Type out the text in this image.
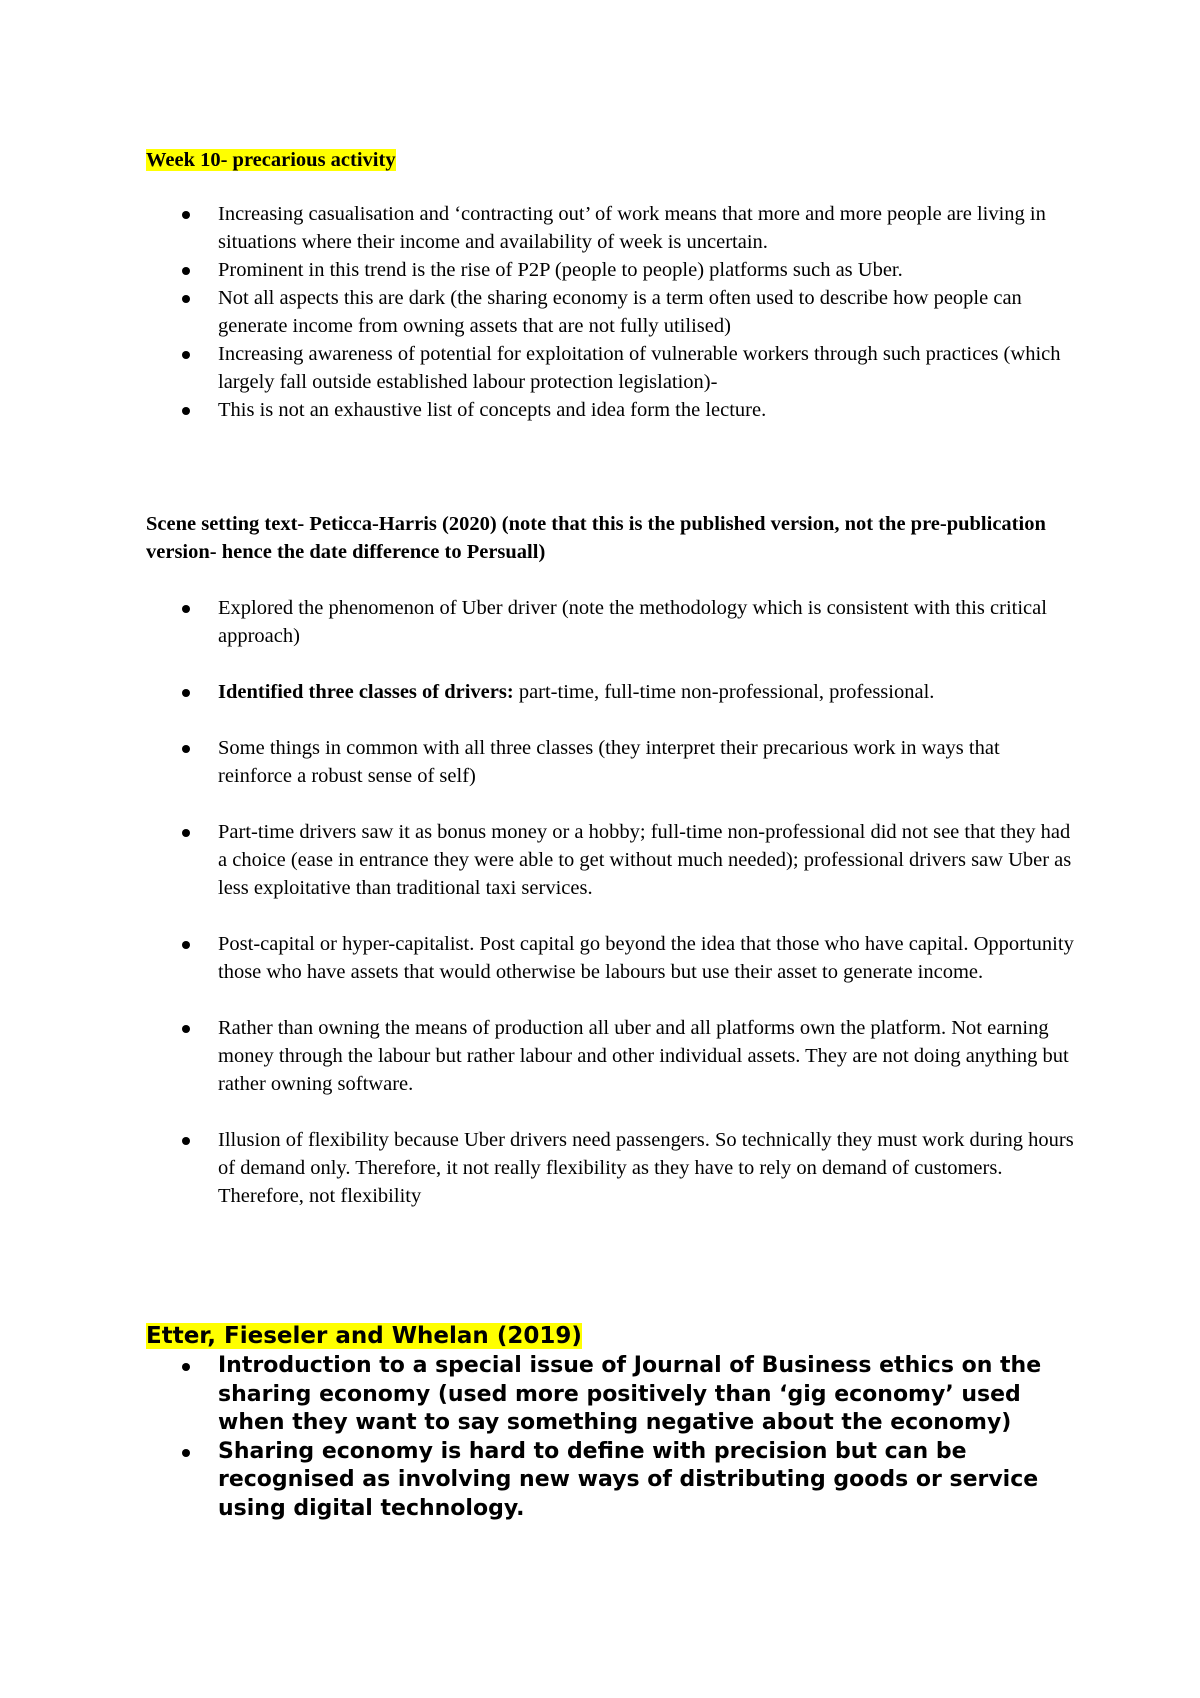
Week 10- precarious activity

Increasing casualisation and ‘contracting out’ of work means that more and more people are living in situations where their income and availability of week is uncertain.
Prominent in this trend is the rise of P2P (people to people) platforms such as Uber.
Not all aspects this are dark (the sharing economy is a term often used to describe how people can generate income from owning assets that are not fully utilised)
Increasing awareness of potential for exploitation of vulnerable workers through such practices (which largely fall outside established labour protection legislation)-
This is not an exhaustive list of concepts and idea form the lecture.

Scene setting text- Peticca-Harris (2020) (note that this is the published version, not the pre-publication version- hence the date difference to Persuall)

Explored the phenomenon of Uber driver (note the methodology which is consistent with this critical approach)
Identified three classes of drivers: part-time, full-time non-professional, professional.
Some things in common with all three classes (they interpret their precarious work in ways that reinforce a robust sense of self)
Part-time drivers saw it as bonus money or a hobby; full-time non-professional did not see that they had a choice (ease in entrance they were able to get without much needed); professional drivers saw Uber as less exploitative than traditional taxi services.
Post-capital or hyper-capitalist. Post capital go beyond the idea that those who have capital. Opportunity those who have assets that would otherwise be labours but use their asset to generate income.
Rather than owning the means of production all uber and all platforms own the platform. Not earning money through the labour but rather labour and other individual assets. They are not doing anything but rather owning software.
Illusion of flexibility because Uber drivers need passengers. So technically they must work during hours of demand only. Therefore, it not really flexibility as they have to rely on demand of customers. Therefore, not flexibility

Etter, Fieseler and Whelan (2019)

Introduction to a special issue of Journal of Business ethics on the sharing economy (used more positively than ‘gig economy’ used when they want to say something negative about the economy)
Sharing economy is hard to define with precision but can be recognised as involving new ways of distributing goods or service using digital technology.
